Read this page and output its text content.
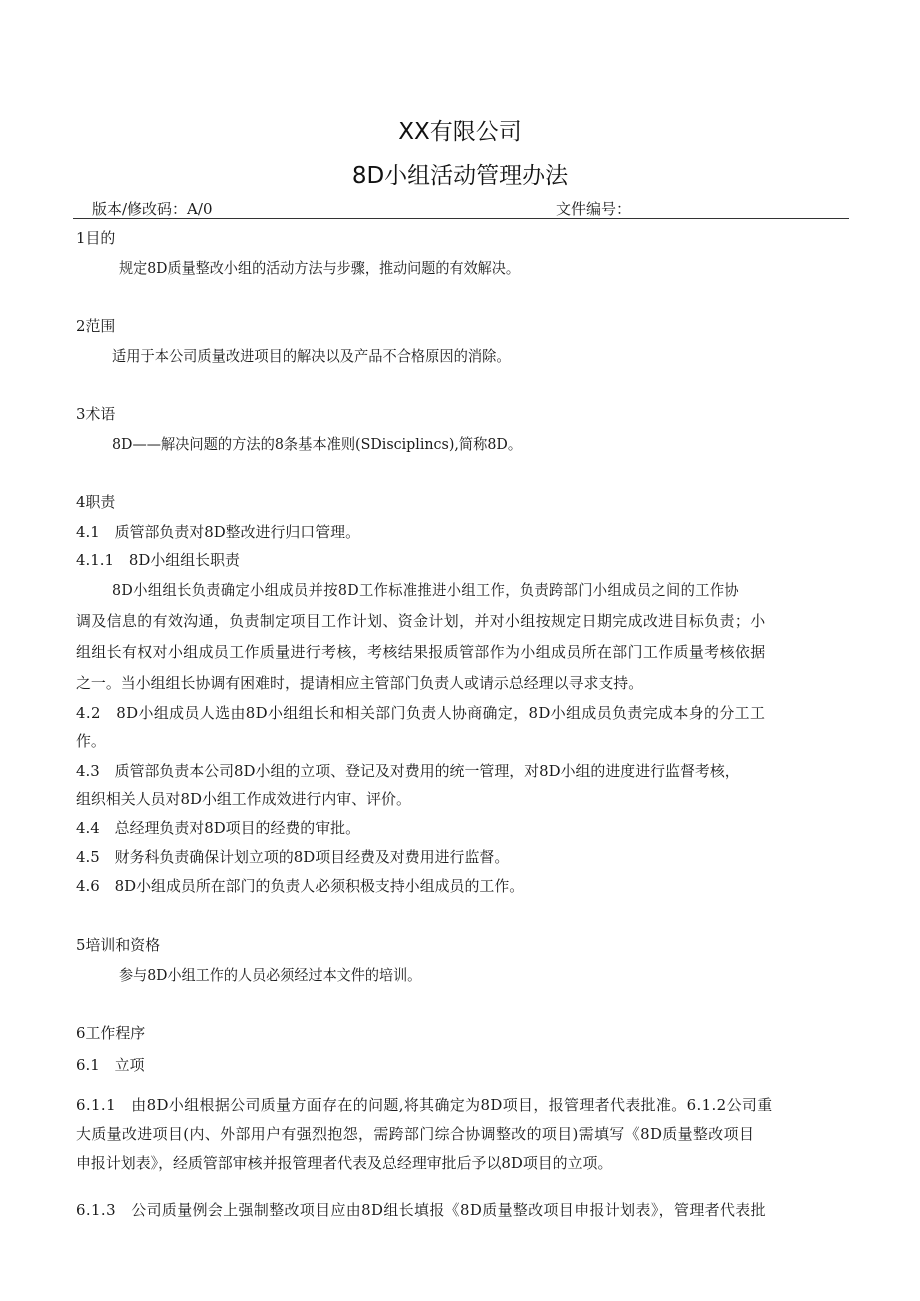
XX有限公司
8D小组活动管理办法
版本/修改码：A/0	文件编号：
1目的
规定8D质量整改小组的活动方法与步骤，推动问题的有效解决。
2范围
适用于本公司质量改进项目的解决以及产品不合格原因的消除。
3术语
8D——解决问题的方法的8条基本准则(SDisciplincs),简称8D。
4职责
4.1　质管部负责对8D整改进行归口管理。
4.1.1　8D小组组长职责
8D小组组长负责确定小组成员并按8D工作标准推进小组工作，负责跨部门小组成员之间的工作协
调及信息的有效沟通，负责制定项目工作计划、资金计划，并对小组按规定日期完成改进目标负责；小
组组长有权对小组成员工作质量进行考核，考核结果报质管部作为小组成员所在部门工作质量考核依据
之一。当小组组长协调有困难时，提请相应主管部门负责人或请示总经理以寻求支持。
4.2　8D小组成员人选由8D小组组长和相关部门负责人协商确定，8D小组成员负责完成本身的分工工
作。
4.3　质管部负责本公司8D小组的立项、登记及对费用的统一管理，对8D小组的进度进行监督考核，
组织相关人员对8D小组工作成效进行内审、评价。
4.4　总经理负责对8D项目的经费的审批。
4.5　财务科负责确保计划立项的8D项目经费及对费用进行监督。
4.6　8D小组成员所在部门的负责人必须积极支持小组成员的工作。
5培训和资格
参与8D小组工作的人员必须经过本文件的培训。
6工作程序
6.1　立项
6.1.1　由8D小组根据公司质量方面存在的问题,将其确定为8D项目，报管理者代表批准。6.1.2公司重
大质量改进项目(内、外部用户有强烈抱怨，需跨部门综合协调整改的项目)需填写《8D质量整改项目
申报计划表》，经质管部审核并报管理者代表及总经理审批后予以8D项目的立项。
6.1.3　公司质量例会上强制整改项目应由8D组长填报《8D质量整改项目申报计划表》，管理者代表批
